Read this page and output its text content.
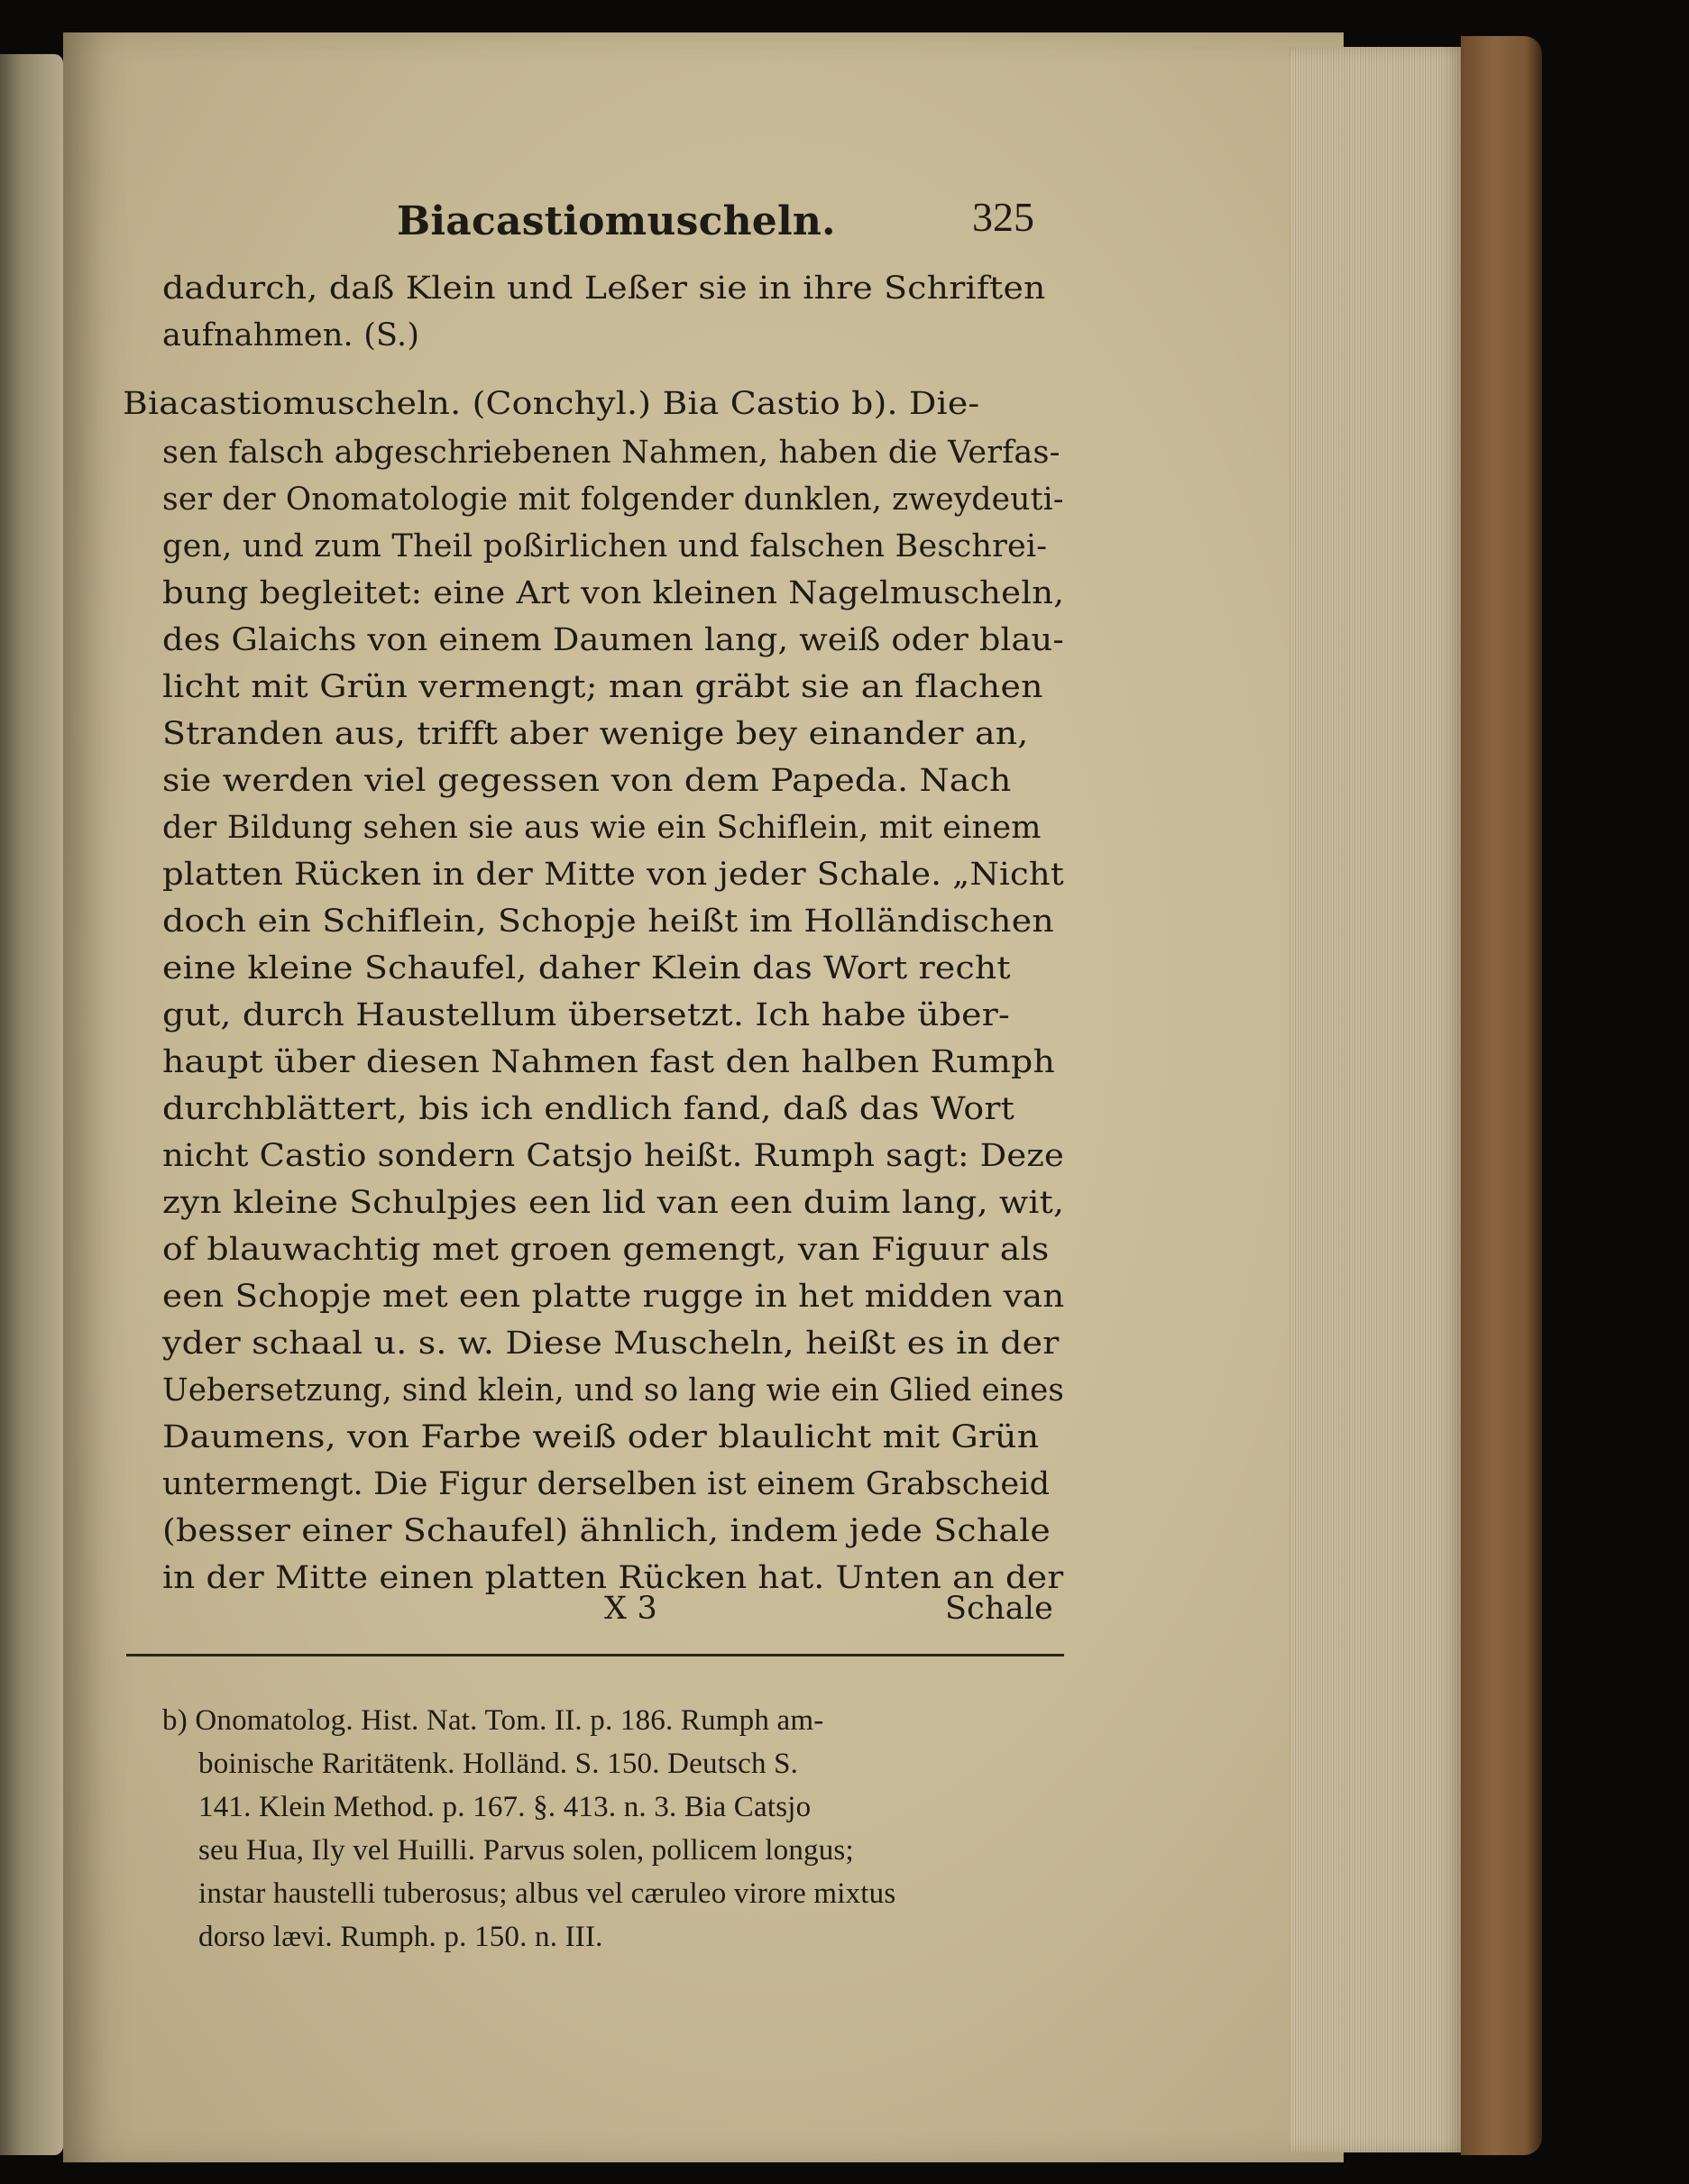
Biacastiomuscheln.	325
dadurch, daß Klein und Leßer sie in ihre Schriften
aufnahmen. (S.)
Biacastiomuscheln. (Conchyl.) Bia Castio b). Die-
sen falsch abgeschriebenen Nahmen, haben die Verfas-
ser der Onomatologie mit folgender dunklen, zweydeuti-
gen, und zum Theil poßirlichen und falschen Beschrei-
bung begleitet: eine Art von kleinen Nagelmuscheln,
des Glaichs von einem Daumen lang, weiß oder blau-
licht mit Grün vermengt; man gräbt sie an flachen
Stranden aus, trifft aber wenige bey einander an,
sie werden viel gegessen von dem Papeda. Nach
der Bildung sehen sie aus wie ein Schiflein, mit einem
platten Rücken in der Mitte von jeder Schale. „Nicht
doch ein Schiflein, Schopje heißt im Holländischen
eine kleine Schaufel, daher Klein das Wort recht
gut, durch Haustellum übersetzt. Ich habe über-
haupt über diesen Nahmen fast den halben Rumph
durchblättert, bis ich endlich fand, daß das Wort
nicht Castio sondern Catsjo heißt. Rumph sagt: Deze
zyn kleine Schulpjes een lid van een duim lang, wit,
of blauwachtig met groen gemengt, van Figuur als
een Schopje met een platte rugge in het midden van
yder schaal u. s. w. Diese Muscheln, heißt es in der
Uebersetzung, sind klein, und so lang wie ein Glied eines
Daumens, von Farbe weiß oder blaulicht mit Grün
untermengt. Die Figur derselben ist einem Grabscheid
(besser einer Schaufel) ähnlich, indem jede Schale
in der Mitte einen platten Rücken hat. Unten an der
X 3	Schale
b) Onomatolog. Hist. Nat. Tom. II. p. 186. Rumph am-
boinische Raritätenk. Holländ. S. 150. Deutsch S.
141. Klein Method. p. 167. §. 413. n. 3. Bia Catsjo
seu Hua, Ily vel Huilli. Parvus solen, pollicem longus;
instar haustelli tuberosus; albus vel cæruleo virore mixtus
dorso lævi. Rumph. p. 150. n. III.
